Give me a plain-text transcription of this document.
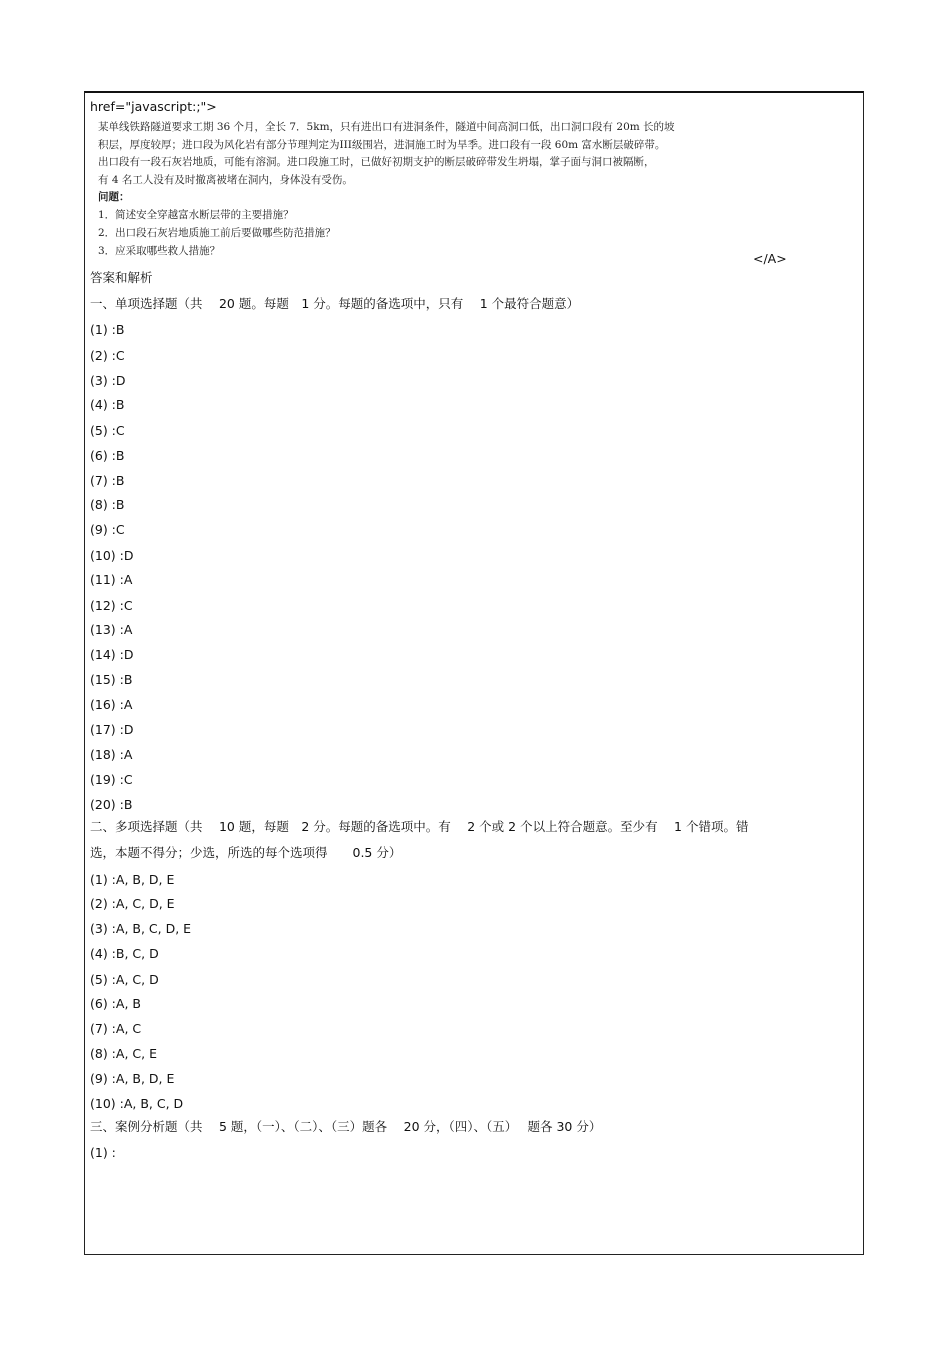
href="javascript:;">
某单线铁路隧道要求工期 36 个月，全长 7．5km，只有进出口有进洞条件，隧道中间高洞口低，出口洞口段有 20m 长的坡
积层，厚度较厚；进口段为风化岩有部分节理判定为III级围岩，进洞施工时为旱季。进口段有一段 60m 富水断层破碎带。
出口段有一段石灰岩地质，可能有溶洞。进口段施工时，已做好初期支护的断层破碎带发生坍塌，掌子面与洞口被隔断，
有 4 名工人没有及时撤离被堵在洞内，身体没有受伤。
问题：
1．简述安全穿越富水断层带的主要措施？
2．出口段石灰岩地质施工前后要做哪些防范措施？
3．应采取哪些救人措施？	</A>
答案和解析
一、单项选择题（共　 20 题。每题　1 分。每题的备选项中，只有　 1 个最符合题意）
(1) :B
(2) :C
(3) :D
(4) :B
(5) :C
(6) :B
(7) :B
(8) :B
(9) :C
(10) :D
(11) :A
(12) :C
(13) :A
(14) :D
(15) :B
(16) :A
(17) :D
(18) :A
(19) :C
(20) :B
二、多项选择题（共　 10 题，每题　2 分。每题的备选项中。有　 2 个或 2 个以上符合题意。至少有　 1 个错项。错
选，本题不得分；少选，所选的每个选项得　　0.5 分）
(1) :A, B, D, E
(2) :A, C, D, E
(3) :A, B, C, D, E
(4) :B, C, D
(5) :A, C, D
(6) :A, B
(7) :A, C
(8) :A, C, E
(9) :A, B, D, E
(10) :A, B, C, D
三、案例分析题（共　 5 题，（一）、（二）、（三）题各　 20 分，（四）、（五）　 题各 30 分）
(1) :
